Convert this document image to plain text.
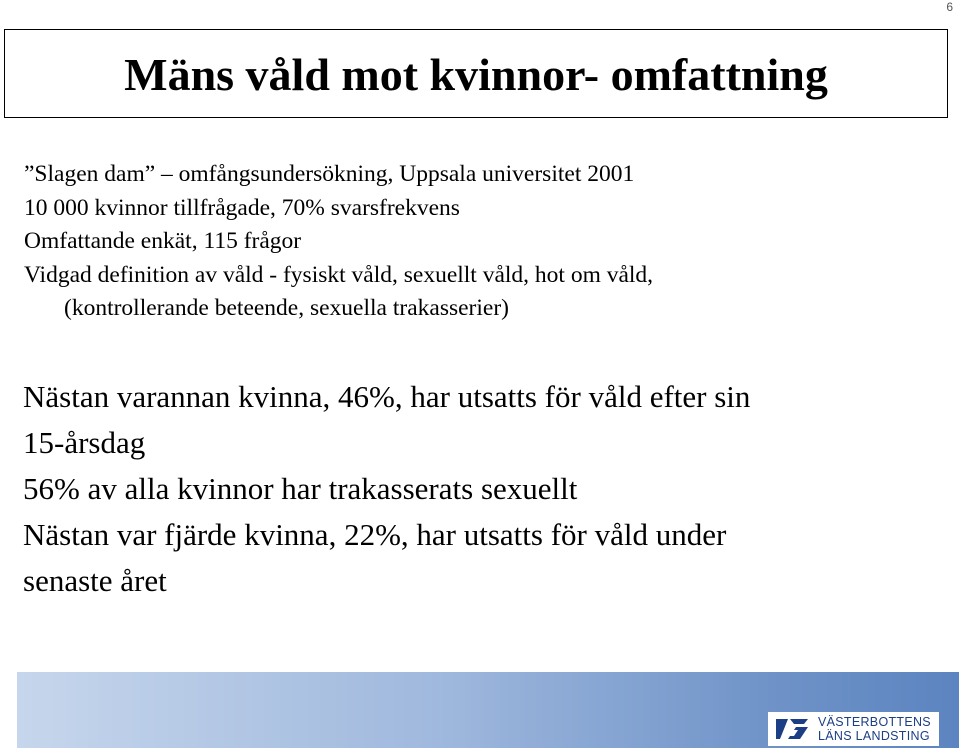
6
Mäns våld mot kvinnor- omfattning
”Slagen dam” – omfångsundersökning, Uppsala universitet 2001
10 000 kvinnor tillfrågade, 70% svarsfrekvens
Omfattande enkät, 115 frågor
Vidgad definition av våld - fysiskt våld, sexuellt våld, hot om våld,
(kontrollerande beteende, sexuella trakasserier)
Nästan varannan kvinna, 46%, har utsatts för våld efter sin
15-årsdag
56% av alla kvinnor har trakasserats sexuellt
Nästan var fjärde kvinna, 22%, har utsatts för våld under
senaste året
VÄSTERBOTTENS
LÄNS LANDSTING
